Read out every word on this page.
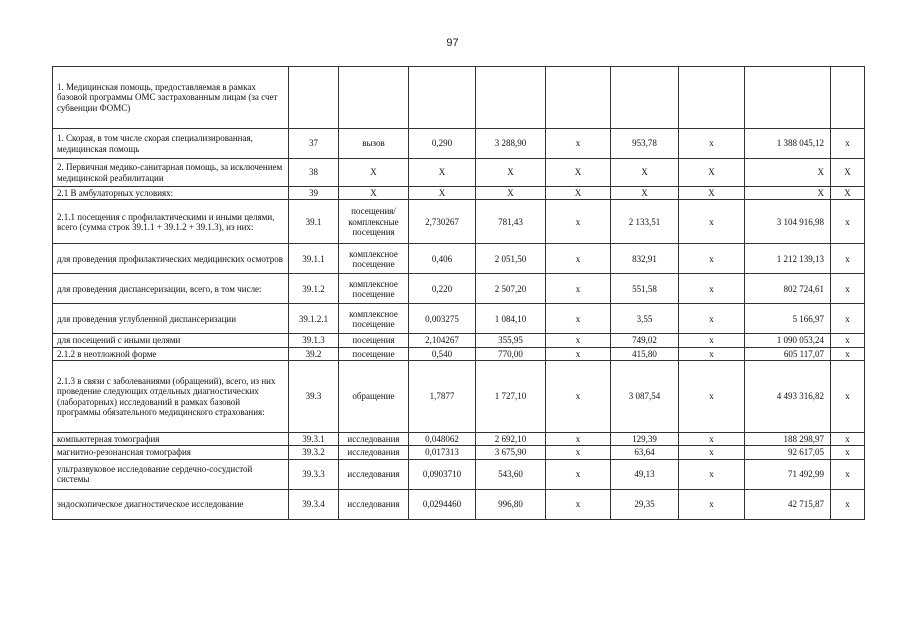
97
1. Медицинская помощь, предоставляемая в рамках базовой программы ОМС застрахованным лицам (за счет субвенции ФОМС)									
1. Скорая, в том числе скорая специализированная, медицинская помощь	37	вызов	0,290	3 288,90	х	953,78	х	1 388 045,12	х
2. Первичная медико-санитарная помощь, за исключением медицинской реабилитации	38	Х	Х	Х	Х	Х	Х	Х	Х
2.1 В амбулаторных условиях:	39	Х	Х	Х	Х	Х	Х	Х	Х
2.1.1 посещения с профилактическими и иными целями, всего (сумма строк 39.1.1 + 39.1.2 + 39.1.3), из них:	39.1	посещения/комплексные посещения	2,730267	781,43	х	2 133,51	х	3 104 916,98	х
для проведения профилактических медицинских осмотров	39.1.1	комплексное посещение	0,406	2 051,50	х	832,91	х	1 212 139,13	х
для проведения диспансеризации, всего, в том числе:	39.1.2	комплексное посещение	0,220	2 507,20	х	551,58	х	802 724,61	х
для проведения углубленной диспансеризации	39.1.2.1	комплексное посещение	0,003275	1 084,10	х	3,55	х	5 166,97	х
для посещений с иными целями	39.1.3	посещения	2,104267	355,95	х	749,02	х	1 090 053,24	х
2.1.2 в неотложной форме	39.2	посещение	0,540	770,00	х	415,80	х	605 117,07	х
2.1.3 в связи с заболеваниями (обращений), всего, из них проведение следующих отдельных диагностических (лабораторных) исследований в рамках базовой программы обязательного медицинского страхования:	39.3	обращение	1,7877	1 727,10	х	3 087,54	х	4 493 316,82	х
компьютерная томография	39.3.1	исследования	0,048062	2 692,10	х	129,39	х	188 298,97	х
магнитно-резонансная томография	39.3.2	исследования	0,017313	3 675,90	х	63,64	х	92 617,05	х
ультразвуковое исследование сердечно-сосудистой системы	39.3.3	исследования	0,0903710	543,60	х	49,13	х	71 492,99	х
эндоскопическое диагностическое исследование	39.3.4	исследования	0,0294460	996,80	х	29,35	х	42 715,87	х
